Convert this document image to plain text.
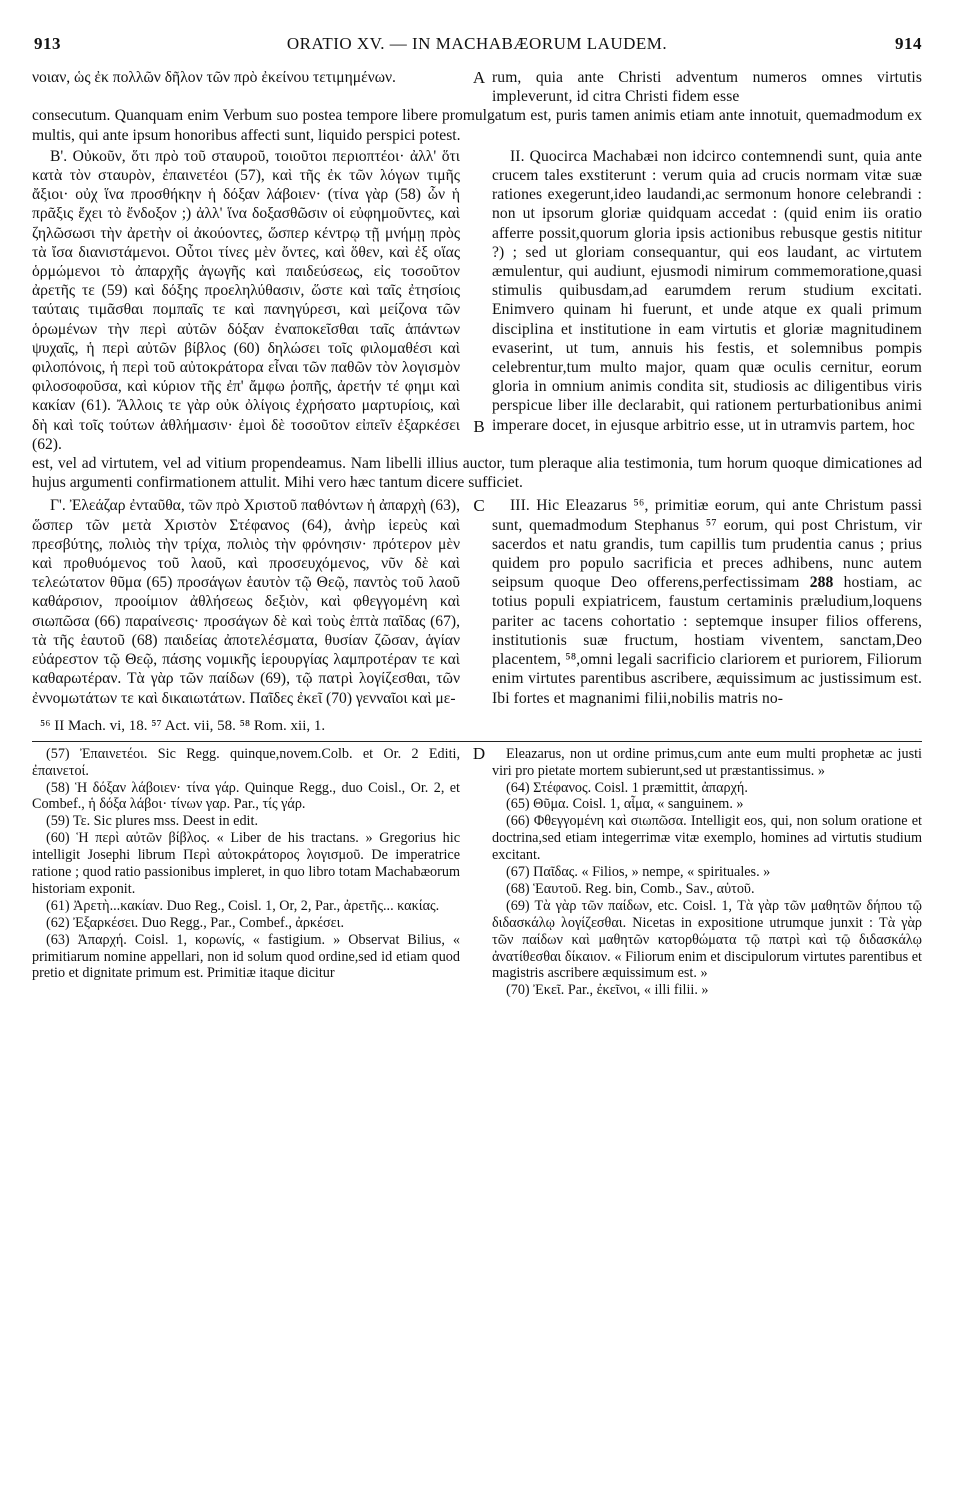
913	ORATIO XV. — IN MACHABÆORUM LAUDEM.	914
νοιαν, ὡς ἐκ πολλῶν δῆλον τῶν πρὸ ἐκείνου τετιμημένων.	A rum, quia ante Christi adventum numeros omnes virtutis impleverunt, id citra Christi fidem esse
consecutum. Quanquam enim Verbum suo postea tempore libere promulgatum est, puris tamen animis etiam ante innotuit, quemadmodum ex multis, qui ante ipsum honoribus affecti sunt, liquido perspici potest.
Β'. Οὐκοῦν, ὅτι πρὸ τοῦ σταυροῦ, τοιοῦτοι περιοπτέοι· ἀλλ' ὅτι κατὰ τὸν σταυρὸν, ἐπαινετέοι (57), καὶ τῆς ἐκ τῶν λόγων τιμῆς ἄξιοι· οὐχ ἵνα προσθήκην ἡ δόξαν λάβοιεν· (τίνα γὰρ (58) ὧν ἡ πρᾶξις ἔχει τὸ ἔνδοξον ;) ἀλλ' ἵνα δοξασθῶσιν οἱ εὐφημοῦντες, καὶ ζηλῶσωσι τὴν ἀρετὴν οἱ ἀκούοντες, ὥσπερ κέντρῳ τῇ μνήμῃ πρὸς τὰ ἴσα διανιστάμενοι. Οὗτοι τίνες μὲν ὄντες, καὶ ὅθεν, καὶ ἐξ οἵας ὁρμώμενοι τὸ ἀπαρχῆς ἀγωγῆς καὶ παιδεύσεως, εἰς τοσοῦτον ἀρετῆς τε (59) καὶ δόξης προεληλύθασιν, ὥστε καὶ ταῖς ἐτησίοις ταύταις τιμᾶσθαι πομπαῖς τε καὶ πανηγύρεσι, καὶ μείζονα τῶν ὁρωμένων τὴν περὶ αὐτῶν δόξαν ἐναποκεῖσθαι ταῖς ἁπάντων ψυχαῖς, ἡ περὶ αὐτῶν βίβλος (60) δηλώσει τοῖς φιλομαθέσι καὶ φιλοπόνοις, ἡ περὶ τοῦ αὐτοκράτορα εἶναι τῶν παθῶν τὸν λογισμὸν φιλοσοφοῦσα, καὶ κύριον τῆς ἐπ' ἄμφω ῥοπῆς, ἀρετήν τέ φημι καὶ κακίαν (61). Ἄλλοις τε γὰρ οὐκ ὀλίγοις ἐχρήσατο μαρτυρίοις, καὶ δὴ καὶ τοῖς τούτων ἀθλήμασιν· ἐμοὶ δὲ τοσοῦτον εἰπεῖν ἐξαρκέσει (62).
B
II. Quocirca Machabæi non idcirco contemnendi sunt, quia ante crucem tales exstiterunt : verum quia ad crucis normam vitæ suæ rationes exegerunt,ideo laudandi,ac sermonum honore celebrandi : non ut ipsorum gloriæ quidquam accedat : (quid enim iis oratio afferre possit,quorum gloria ipsis actionibus rebusque gestis nititur ?) ; sed ut gloriam consequantur, qui eos laudant, ac virtutem æmulentur, qui audiunt, ejusmodi nimirum commemoratione,quasi stimulis quibusdam,ad earumdem rerum studium excitati. Enimvero quinam hi fuerunt, et unde atque ex quali primum disciplina et institutione in eam virtutis et gloriæ magnitudinem evaserint, ut tum, annuis his festis, et solemnibus pompis celebrentur,tum multo major, quam quæ oculis cernitur, eorum gloria in omnium animis condita sit, studiosis ac diligentibus viris perspicue liber ille declarabit, qui rationem perturbationibus animi imperare docet, in ejusque arbitrio esse, ut in utramvis partem, hoc
est, vel ad virtutem, vel ad vitium propendeamus. Nam libelli illius auctor, tum pleraque alia testimonia, tum horum quoque dimicationes ad hujus argumenti confirmationem attulit. Mihi vero hæc tantum dicere sufficiet.
Γ'. Ἐλεάζαρ ἐνταῦθα, τῶν πρὸ Χριστοῦ παθόντων ἡ ἀπαρχὴ (63), ὥσπερ τῶν μετὰ Χριστὸν Στέφανος (64), ἀνὴρ ἱερεὺς καὶ πρεσβύτης, πολιὸς τὴν τρίχα, πολιὸς τὴν φρόνησιν· πρότερον μὲν καὶ προθυόμενος τοῦ λαοῦ, καὶ προσευχόμενος, νῦν δὲ καὶ τελεώτατον θῦμα (65) προσάγων ἑαυτὸν τῷ Θεῷ, παντὸς τοῦ λαοῦ καθάρσιον, προοίμιον ἀθλήσεως δεξιὸν, καὶ φθεγγομένη καὶ σιωπῶσα (66) παραίνεσις· προσάγων δὲ καὶ τοὺς ἑπτὰ παῖδας (67), τὰ τῆς ἑαυτοῦ (68) παιδείας ἀποτελέσματα, θυσίαν ζῶσαν, ἁγίαν εὐάρεστον τῷ Θεῷ, πάσης νομικῆς ἱερουργίας λαμπροτέραν τε καὶ καθαρωτέραν. Τὰ γὰρ τῶν παίδων (69), τῷ πατρὶ λογίζεσθαι, τῶν ἐννομωτάτων τε καὶ δικαιωτάτων. Παῖδες ἐκεῖ (70) γενναῖοι καὶ με-
C	III. Hic Eleazarus ⁵⁶, primitiæ eorum, qui ante Christum passi sunt, quemadmodum Stephanus ⁵⁷ eorum, qui post Christum, vir sacerdos et natu grandis, tum capillis tum prudentia canus ; prius quidem pro populo sacrificia et preces adhibens, nunc autem seipsum quoque Deo offerens,perfectissimam 288 hostiam, ac totius populi expiatricem, faustum certaminis præludium,loquens pariter ac tacens cohortatio : septemque insuper filios offerens, institutionis suæ fructum, hostiam viventem, sanctam,Deo placentem, ⁵⁸,omni legali sacrificio clariorem et puriorem, Filiorum enim virtutes parentibus ascribere, æquissimum ac justissimum est. Ibi fortes et magnanimi filii,nobilis matris no-
⁵⁶ II Mach. vi, 18. ⁵⁷ Act. vii, 58. ⁵⁸ Rom. xii, 1.

(57) Ἐπαινετέοι. Sic Regg. quinque,novem.Colb. et Or. 2 Editi, ἐπαινετοί.

(58) Ἡ δόξαν λάβοιεν· τίνα γάρ. Quinque Regg., duo Coisl., Or. 2, et Combef., ἡ δόξα λάβοι· τίνων γαρ. Par., τίς γάρ.

(59) Τε. Sic plures mss. Deest in edit.

(60) Ἡ περὶ αὐτῶν βίβλος. « Liber de his tractans. » Gregorius hic intelligit Josephi librum Περὶ αὐτοκράτορος λογισμοῦ. De imperatrice ratione ; quod ratio passionibus impleret, in quo libro totam Machabæorum historiam exponit.

(61) Ἀρετὴ...κακίαν. Duo Reg., Coisl. 1, Or, 2, Par., ἀρετῆς... κακίας.

(62) Ἐξαρκέσει. Duo Regg., Par., Combef., ἀρκέσει.

(63) Ἀπαρχή. Coisl. 1, κορωνίς, « fastigium. » Observat Bilius, « primitiarum nomine appellari, non id solum quod ordine,sed id etiam quod pretio et dignitate primum est. Primitiæ itaque dicitur

D	Eleazarus, non ut ordine primus,cum ante eum multi prophetæ ac justi viri pro pietate mortem subierunt,sed ut præstantissimus. »

(64) Στέφανος. Coisl. 1 præmittit, ἀπαρχή.

(65) Θῦμα. Coisl. 1, αἷμα, « sanguinem. »

(66) Φθεγγομένη καὶ σιωπῶσα. Intelligit eos, qui, non solum oratione et doctrina,sed etiam integerrimæ vitæ exemplo, homines ad virtutis studium excitant.

(67) Παῖδας. « Filios, » nempe, « spirituales. »

(68) Ἑαυτοῦ. Reg. bin, Comb., Sav., αὑτοῦ.

(69) Τὰ γὰρ τῶν παίδων, etc. Coisl. 1, Τὰ γὰρ τῶν μαθητῶν δήπου τῷ διδασκάλῳ λογίζεσθαι. Nicetas in expositione utrumque junxit : Τὰ γὰρ τῶν παίδων καὶ μαθητῶν κατορθώματα τῷ πατρὶ καὶ τῷ διδασκάλῳ ἀνατίθεσθαι δίκαιον. « Filiorum enim et discipulorum virtutes parentibus et magistris ascribere æquissimum est. »

(70) Ἐκεῖ. Par., ἐκεῖνοι, « illi filii. »
